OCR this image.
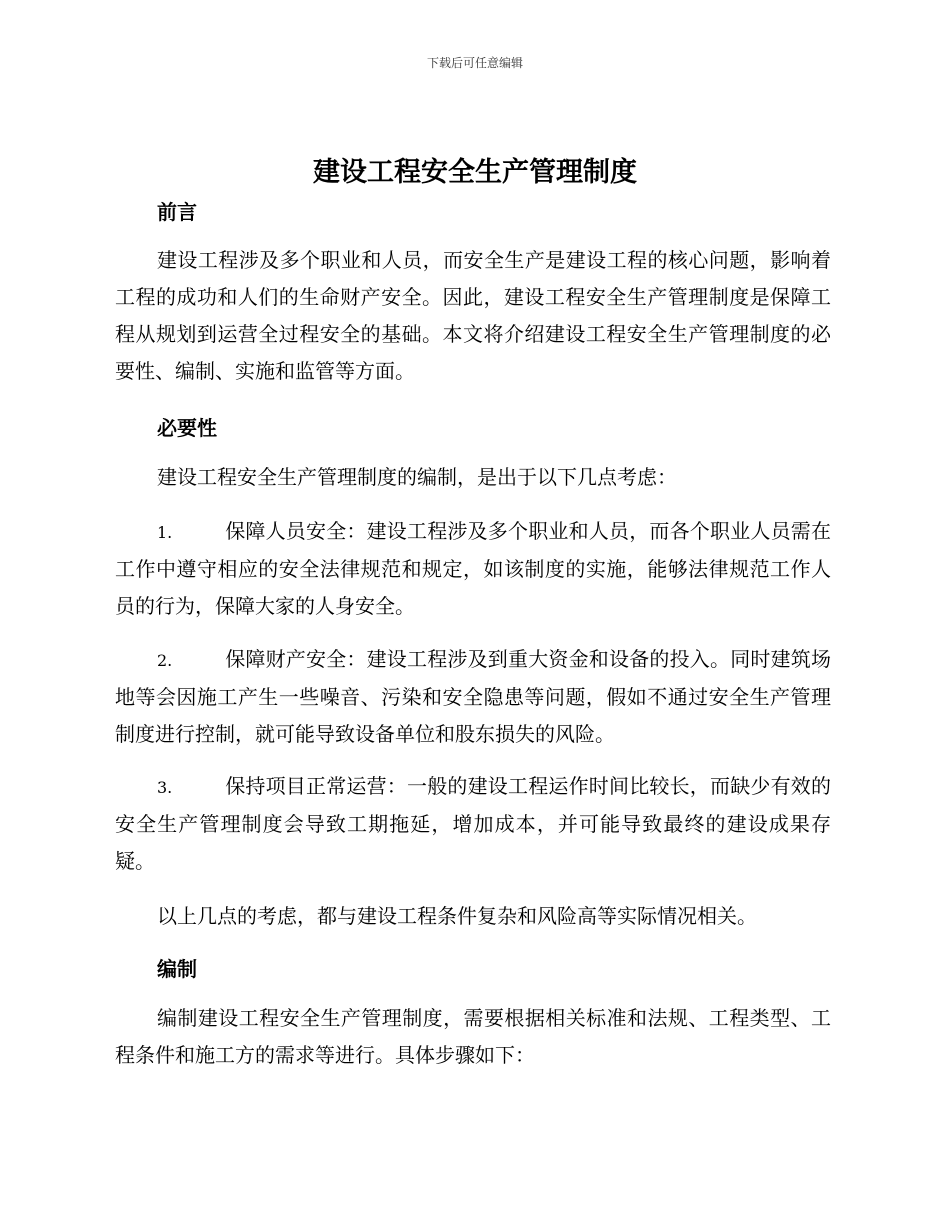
下载后可任意编辑
建设工程安全生产管理制度
前言
建设工程涉及多个职业和人员，而安全生产是建设工程的核心问题，影响着工程的成功和人们的生命财产安全。因此，建设工程安全生产管理制度是保障工程从规划到运营全过程安全的基础。本文将介绍建设工程安全生产管理制度的必要性、编制、实施和监管等方面。
必要性
建设工程安全生产管理制度的编制，是出于以下几点考虑：
1.	保障人员安全：建设工程涉及多个职业和人员，而各个职业人员需在工作中遵守相应的安全法律规范和规定，如该制度的实施，能够法律规范工作人员的行为，保障大家的人身安全。
2.	保障财产安全：建设工程涉及到重大资金和设备的投入。同时建筑场地等会因施工产生一些噪音、污染和安全隐患等问题，假如不通过安全生产管理制度进行控制，就可能导致设备单位和股东损失的风险。
3.	保持项目正常运营：一般的建设工程运作时间比较长，而缺少有效的安全生产管理制度会导致工期拖延，增加成本，并可能导致最终的建设成果存疑。
以上几点的考虑，都与建设工程条件复杂和风险高等实际情况相关。
编制
编制建设工程安全生产管理制度，需要根据相关标准和法规、工程类型、工程条件和施工方的需求等进行。具体步骤如下：
